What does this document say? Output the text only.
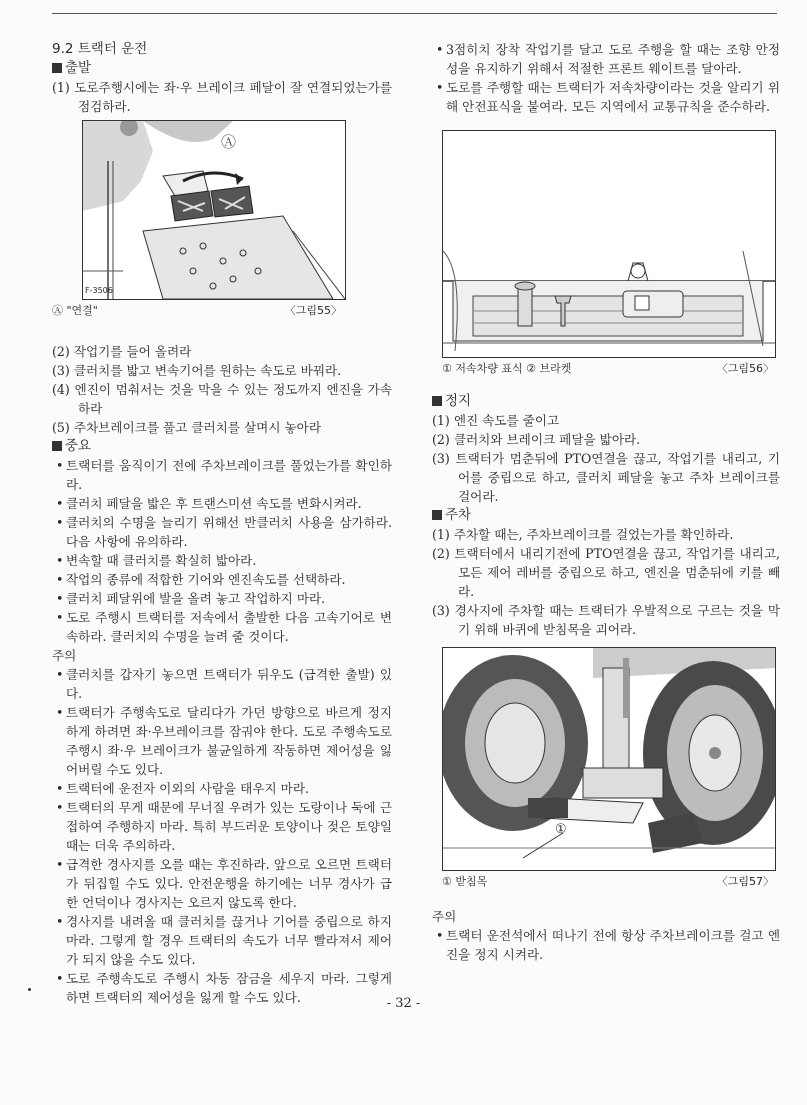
9.2 트랙터 운전
출발
(1) 도로주행시에는 좌·우 브레이크 페달이 잘 연결되었는가를 점검하라.
Ⓐ
F-3506
Ⓐ "연결"	〈그림55〉
(2) 작업기를 들어 올려라
(3) 클러치를 밟고 변속기어를 원하는 속도로 바꿔라.
(4) 엔진이 멈춰서는 것을 막을 수 있는 정도까지 엔진을 가속하라
(5) 주차브레이크를 풀고 클러치를 살며시 놓아라
중요
• 트랙터를 움직이기 전에 주차브레이크를 풀었는가를 확인하라.
• 클러치 페달을 밟은 후 트랜스미션 속도를 변화시켜라.
• 클러치의 수명을 늘리기 위해선 반클러치 사용을 삼가하라. 다음 사항에 유의하라.
• 변속할 때 클러치를 확실히 밟아라.
• 작업의 종류에 적합한 기어와 엔진속도를 선택하라.
• 클러치 페달위에 발을 올려 놓고 작업하지 마라.
• 도로 주행시 트랙터를 저속에서 출발한 다음 고속기어로 변속하라. 클러치의 수명을 늘려 줄 것이다.
주의
• 클러치를 갑자기 놓으면 트랙터가 뒤우도 (급격한 출발) 있다.
• 트랙터가 주행속도로 달리다가 가던 방향으로 바르게 정지하게 하려면 좌·우브레이크를 잠궈야 한다. 도로 주행속도로 주행시 좌·우 브레이크가 불균일하게 작동하면 제어성을 잃어버릴 수도 있다.
• 트랙터에 운전자 이외의 사람을 태우지 마라.
• 트랙터의 무게 때문에 무너질 우려가 있는 도랑이나 둑에 근접하여 주행하지 마라. 특히 부드러운 토양이나 젖은 토양일 때는 더욱 주의하라.
• 급격한 경사지를 오를 때는 후진하라. 앞으로 오르면 트랙터가 뒤집힐 수도 있다. 안전운행을 하기에는 너무 경사가 급한 언덕이나 경사지는 오르지 않도록 한다.
• 경사지를 내려올 때 클러치를 끊거나 기어를 중립으로 하지 마라. 그렇게 할 경우 트랙터의 속도가 너무 빨라져서 제어가 되지 않을 수도 있다.
• 도로 주행속도로 주행시 차동 잠금을 세우지 마라. 그렇게 하면 트랙터의 제어성을 잃게 할 수도 있다.
• 3점히치 장착 작업기를 달고 도로 주행을 할 때는 조향 안정성을 유지하기 위해서 적절한 프론트 웨이트를 달아라.
• 도로를 주행할 때는 트랙터가 저속차량이라는 것을 알리기 위해 안전표식을 붙여라. 모든 지역에서 교통규칙을 준수하라.
① 저속차량 표식 ② 브라켓	〈그림56〉
정지
(1) 엔진 속도를 줄이고
(2) 클러치와 브레이크 페달을 밟아라.
(3) 트랙터가 멈춘뒤에 PTO연결을 끊고, 작업기를 내리고, 기어를 중립으로 하고, 클러치 페달을 놓고 주차 브레이크를 걸어라.
주차
(1) 주차할 때는, 주차브레이크를 걸었는가를 확인하라.
(2) 트랙터에서 내리기전에 PTO연결을 끊고, 작업기를 내리고, 모든 제어 레버를 중립으로 하고, 엔진을 멈춘뒤에 키를 빼라.
(3) 경사지에 주차할 때는 트랙터가 우발적으로 구르는 것을 막기 위해 바퀴에 받침목을 괴어라.
①
① 받침목	〈그림57〉
주의
• 트랙터 운전석에서 떠나기 전에 항상 주차브레이크를 걸고 엔진을 정지 시켜라.
- 32 -
